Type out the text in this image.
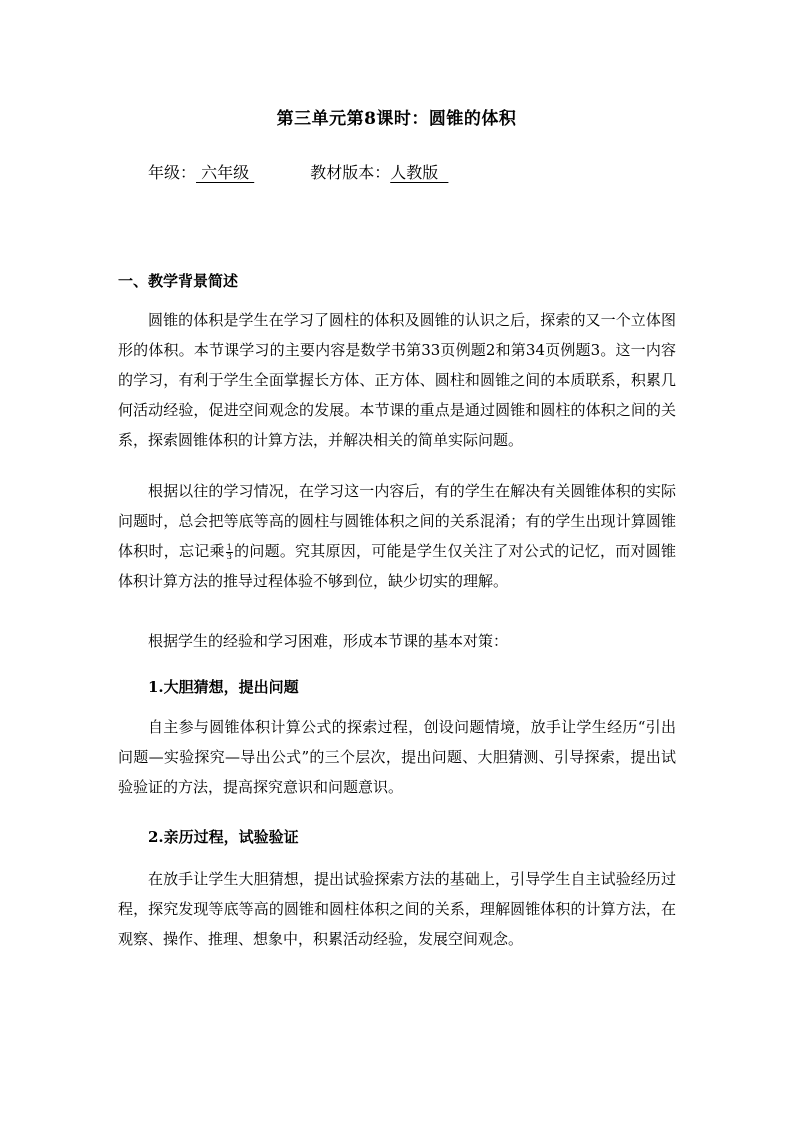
第三单元第8课时：圆锥的体积
年级： 六年级	教材版本：人教版
一、教学背景简述

圆锥的体积是学生在学习了圆柱的体积及圆锥的认识之后，探索的又一个立体图形的体积。本节课学习的主要内容是数学书第33页例题2和第34页例题3。这一内容的学习，有利于学生全面掌握长方体、正方体、圆柱和圆锥之间的本质联系，积累几何活动经验，促进空间观念的发展。本节课的重点是通过圆锥和圆柱的体积之间的关系，探索圆锥体积的计算方法，并解决相关的简单实际问题。

根据以往的学习情况，在学习这一内容后，有的学生在解决有关圆锥体积的实际问题时，总会把等底等高的圆柱与圆锥体积之间的关系混淆；有的学生出现计算圆锥体积时，忘记乘 $\frac{1}{3}$ 的问题。究其原因，可能是学生仅关注了对公式的记忆，而对圆锥体积计算方法的推导过程体验不够到位，缺少切实的理解。

根据学生的经验和学习困难，形成本节课的基本对策：

1.大胆猜想，提出问题

自主参与圆锥体积计算公式的探索过程，创设问题情境，放手让学生经历“引出问题—实验探究—导出公式”的三个层次，提出问题、大胆猜测、引导探索，提出试验验证的方法，提高探究意识和问题意识。

2.亲历过程，试验验证

在放手让学生大胆猜想，提出试验探索方法的基础上，引导学生自主试验经历过程，探究发现等底等高的圆锥和圆柱体积之间的关系，理解圆锥体积的计算方法，在观察、操作、推理、想象中，积累活动经验，发展空间观念。
